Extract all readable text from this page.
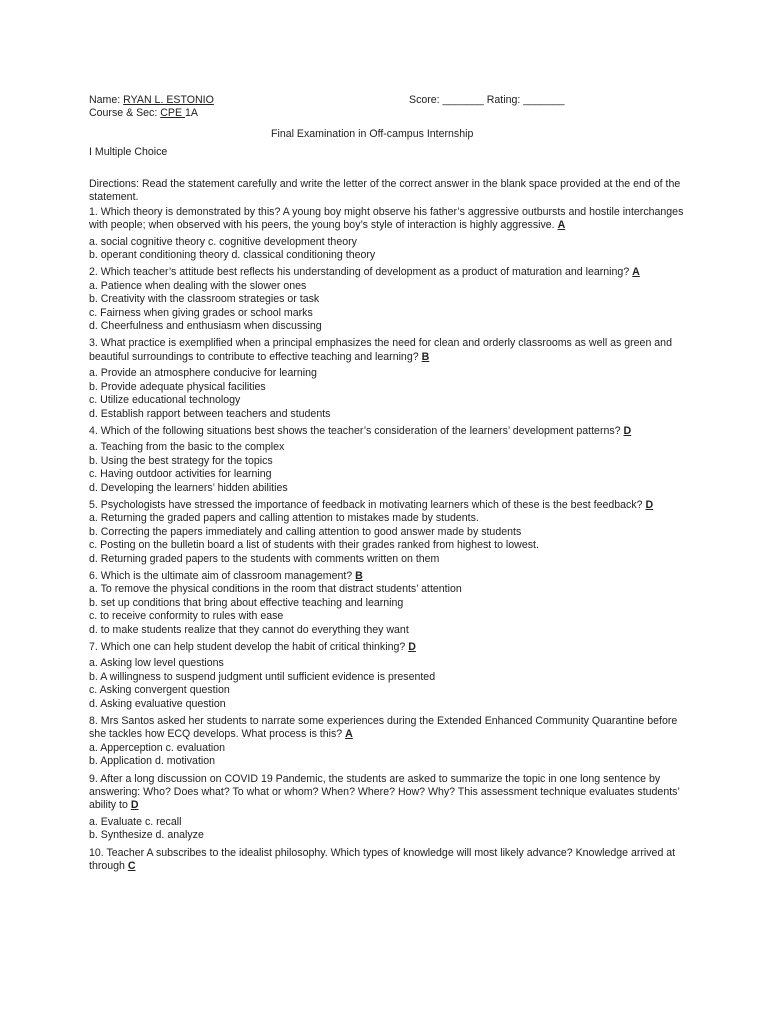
Name: RYAN L. ESTONIO	Score: _______ Rating: _______
Course & Sec: CPE 1A
Final Examination in Off-campus Internship
I Multiple Choice

Directions: Read the statement carefully and write the letter of the correct answer in the blank space provided at the end of the statement.

1. Which theory is demonstrated by this? A young boy might observe his father’s aggressive outbursts and hostile interchanges with people; when observed with his peers, the young boy’s style of interaction is highly aggressive. A

a. social cognitive theory c. cognitive development theory

b. operant conditioning theory d. classical conditioning theory

2. Which teacher’s attitude best reflects his understanding of development as a product of maturation and learning? A

a. Patience when dealing with the slower ones

b. Creativity with the classroom strategies or task

c. Fairness when giving grades or school marks

d. Cheerfulness and enthusiasm when discussing

3. What practice is exemplified when a principal emphasizes the need for clean and orderly classrooms as well as green and beautiful surroundings to contribute to effective teaching and learning? B

a. Provide an atmosphere conducive for learning

b. Provide adequate physical facilities

c. Utilize educational technology

d. Establish rapport between teachers and students

4. Which of the following situations best shows the teacher’s consideration of the learners’ development patterns? D

a. Teaching from the basic to the complex

b. Using the best strategy for the topics

c. Having outdoor activities for learning

d. Developing the learners’ hidden abilities

5. Psychologists have stressed the importance of feedback in motivating learners which of these is the best feedback? D

a. Returning the graded papers and calling attention to mistakes made by students.

b. Correcting the papers immediately and calling attention to good answer made by students

c. Posting on the bulletin board a list of students with their grades ranked from highest to lowest.

d. Returning graded papers to the students with comments written on them

6. Which is the ultimate aim of classroom management? B

a. To remove the physical conditions in the room that distract students’ attention

b. set up conditions that bring about effective teaching and learning

c. to receive conformity to rules with ease

d. to make students realize that they cannot do everything they want

7. Which one can help student develop the habit of critical thinking? D

a. Asking low level questions

b. A willingness to suspend judgment until sufficient evidence is presented

c. Asking convergent question

d. Asking evaluative question

8. Mrs Santos asked her students to narrate some experiences during the Extended Enhanced Community Quarantine before she tackles how ECQ develops. What process is this? A

a. Apperception c. evaluation

b. Application d. motivation

9. After a long discussion on COVID 19 Pandemic, the students are asked to summarize the topic in one long sentence by answering: Who? Does what? To what or whom? When? Where? How? Why? This assessment technique evaluates students’ ability to D

a. Evaluate c. recall

b. Synthesize d. analyze

10. Teacher A subscribes to the idealist philosophy. Which types of knowledge will most likely advance? Knowledge arrived at through C
